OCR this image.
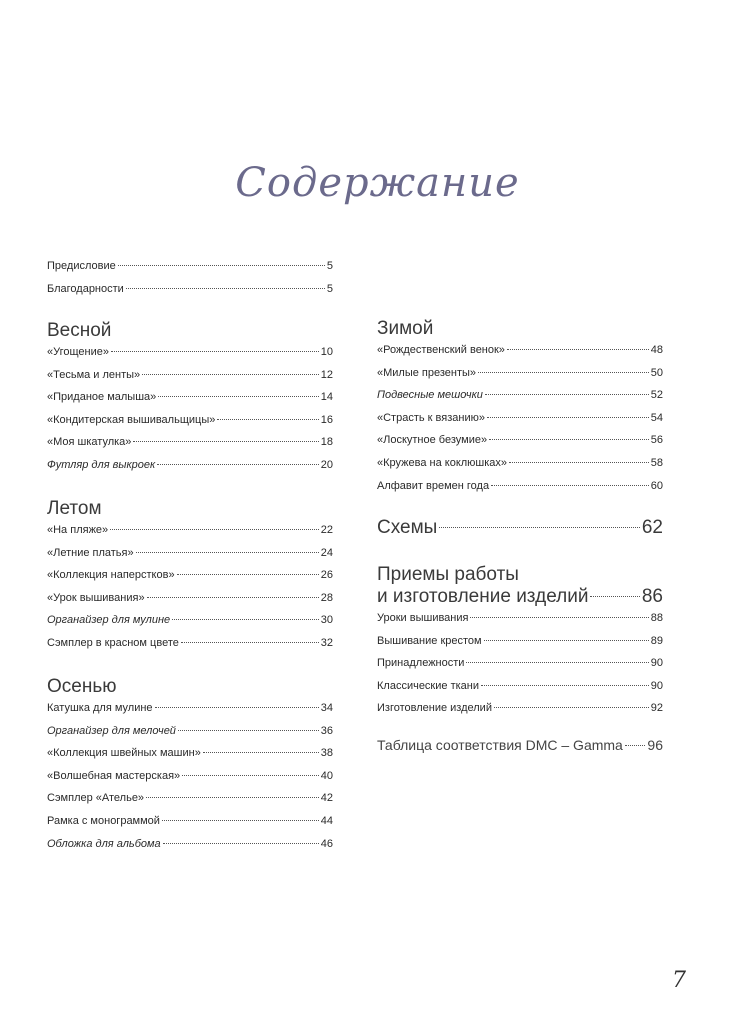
Содержание
Предисловие	5
Благодарности	5
Весной
«Угощение»	10
«Тесьма и ленты»	12
«Приданое малыша»	14
«Кондитерская вышивальщицы»	16
«Моя шкатулка»	18
Футляр для выкроек	20
Летом
«На пляже»	22
«Летние платья»	24
«Коллекция наперстков»	26
«Урок вышивания»	28
Органайзер для мулине	30
Сэмплер в красном цвете	32
Осенью
Катушка для мулине	34
Органайзер для мелочей	36
«Коллекция швейных машин»	38
«Волшебная мастерская»	40
Сэмплер «Ателье»	42
Рамка с монограммой	44
Обложка для альбома	46
Зимой
«Рождественский венок»	48
«Милые презенты»	50
Подвесные мешочки	52
«Страсть к вязанию»	54
«Лоскутное безумие»	56
«Кружева на коклюшках»	58
Алфавит времен года	60
Схемы	62
Приемы работы
и изготовление изделий	86
Уроки вышивания	88
Вышивание крестом	89
Принадлежности	90
Классические ткани	90
Изготовление изделий	92
Таблица соответствия DMC – Gamma 96
7
